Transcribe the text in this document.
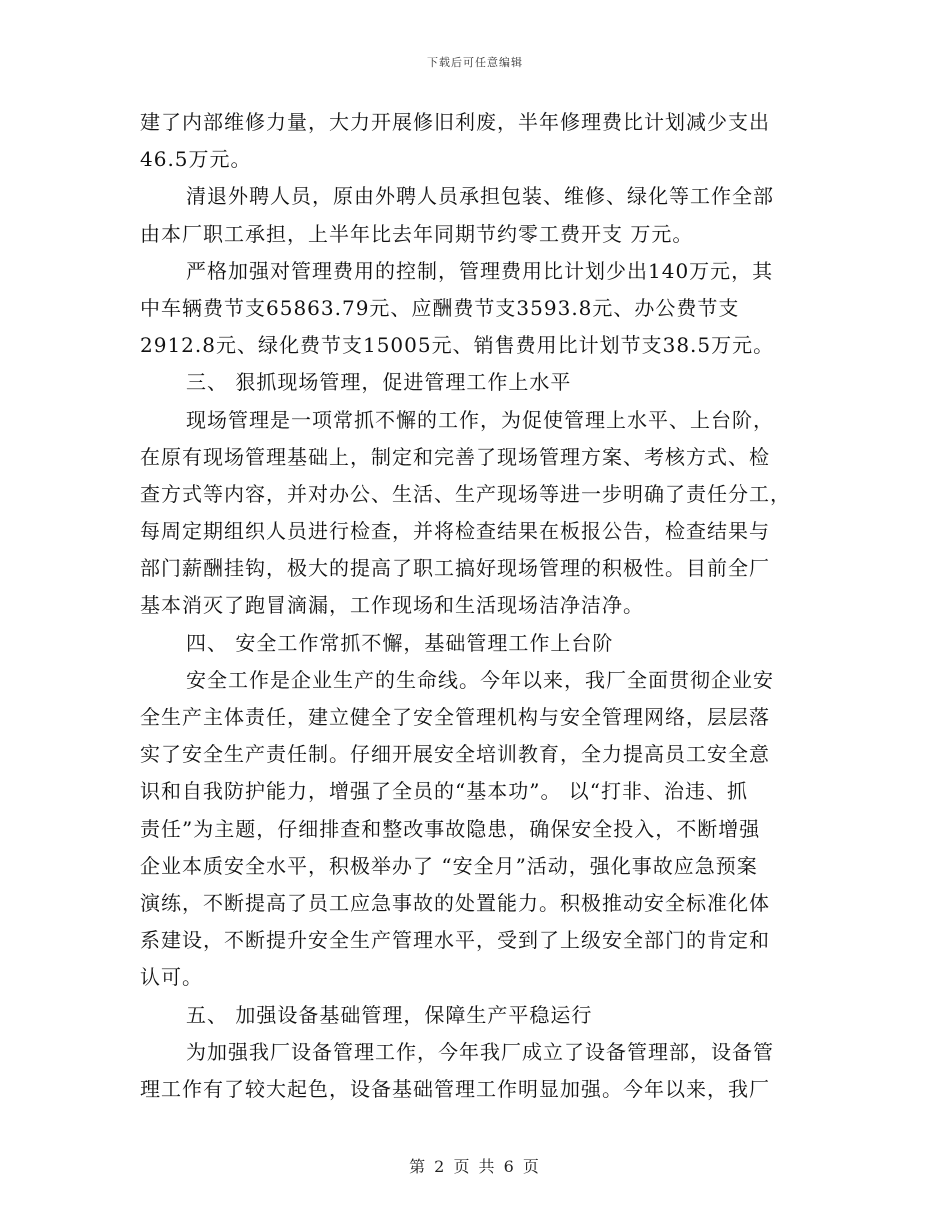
下载后可任意编辑
建了内部维修力量，大力开展修旧利废，半年修理费比计划减少支出
46.5万元。
清退外聘人员，原由外聘人员承担包装、维修、绿化等工作全部
由本厂职工承担，上半年比去年同期节约零工费开支 万元。
严格加强对管理费用的控制，管理费用比计划少出140万元，其
中车辆费节支65863.79元、应酬费节支3593.8元、办公费节支
2912.8元、绿化费节支15005元、销售费用比计划节支38.5万元。
三、 狠抓现场管理，促进管理工作上水平
现场管理是一项常抓不懈的工作，为促使管理上水平、上台阶，
在原有现场管理基础上，制定和完善了现场管理方案、考核方式、检
查方式等内容，并对办公、生活、生产现场等进一步明确了责任分工，
每周定期组织人员进行检查，并将检查结果在板报公告，检查结果与
部门薪酬挂钩，极大的提高了职工搞好现场管理的积极性。目前全厂
基本消灭了跑冒滴漏，工作现场和生活现场洁净洁净。
四、 安全工作常抓不懈，基础管理工作上台阶
安全工作是企业生产的生命线。今年以来，我厂全面贯彻企业安
全生产主体责任，建立健全了安全管理机构与安全管理网络，层层落
实了安全生产责任制。仔细开展安全培训教育，全力提高员工安全意
识和自我防护能力，增强了全员的“基本功”。 以“打非、治违、抓
责任”为主题，仔细排查和整改事故隐患，确保安全投入，不断增强
企业本质安全水平，积极举办了 “安全月”活动，强化事故应急预案
演练，不断提高了员工应急事故的处置能力。积极推动安全标准化体
系建设，不断提升安全生产管理水平，受到了上级安全部门的肯定和
认可。
五、 加强设备基础管理，保障生产平稳运行
为加强我厂设备管理工作，今年我厂成立了设备管理部，设备管
理工作有了较大起色，设备基础管理工作明显加强。今年以来，我厂
第 2 页 共 6 页
